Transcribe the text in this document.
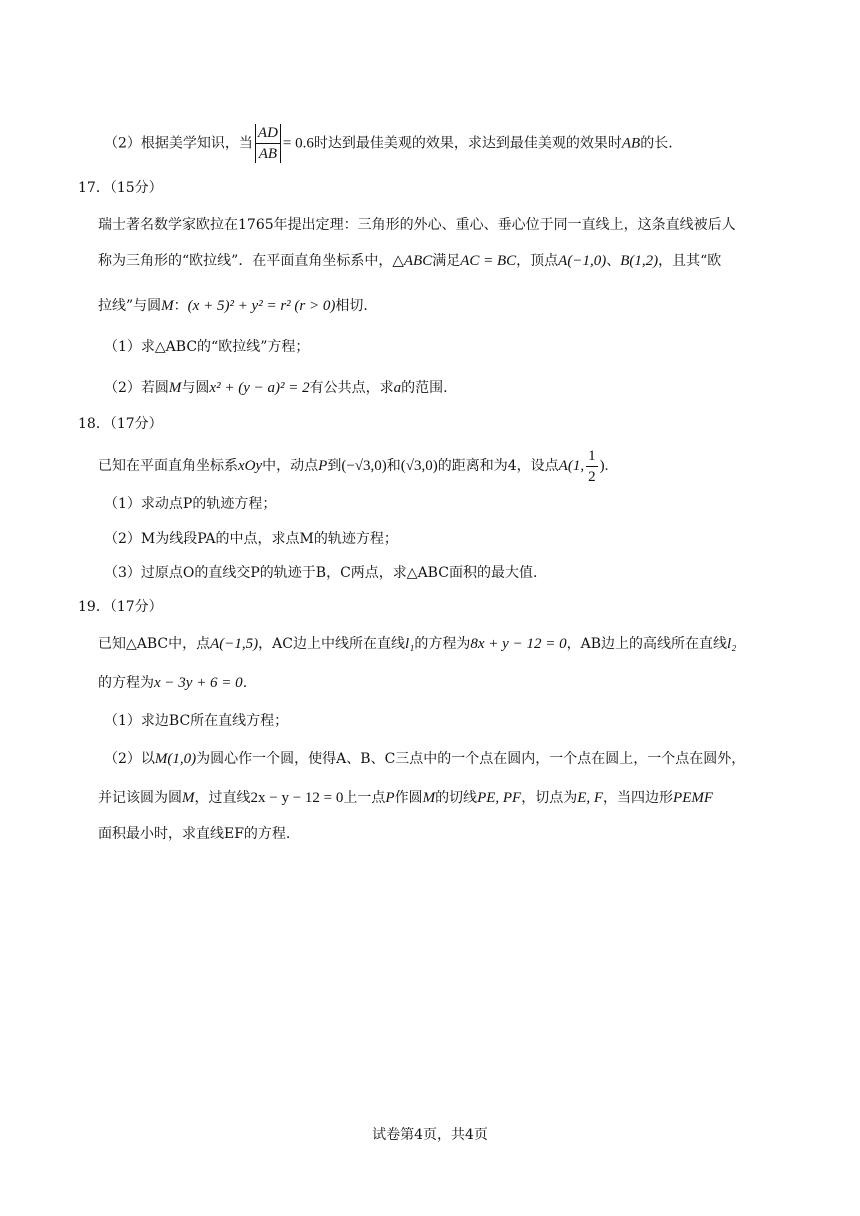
（2）根据美学知识，当 $\frac{AD}{AB} = 0.6$时达到最佳美观的效果，求达到最佳美观的效果时AB的长.
17．（15分）
瑞士著名数学家欧拉在1765年提出定理：三角形的外心、重心、垂心位于同一直线上，这条直线被后人
称为三角形的“欧拉线”．在平面直角坐标系中，△ABC满足AC = BC，顶点A(−1,0)、B(1,2)，且其“欧
拉线”与圆M：(x + 5)² + y² = r² (r > 0)相切.
（1）求△ABC的“欧拉线”方程；
（2）若圆M与圆x² + (y − a)² = 2有公共点，求a的范围.
18．（17分）
已知在平面直角坐标系xOy中，动点P到(−√3,0)和(√3,0)的距离和为4，设点A(1, $\frac{1}{2}$ ).
（1）求动点P的轨迹方程；
（2）M为线段PA的中点，求点M的轨迹方程；
（3）过原点O的直线交P的轨迹于B，C两点，求△ABC面积的最大值.
19．（17分）
已知△ABC中，点A(−1,5)，AC边上中线所在直线l₁的方程为8x + y − 12 = 0，AB边上的高线所在直线l₂
的方程为x − 3y + 6 = 0.
（1）求边BC所在直线方程；
（2）以M(1,0)为圆心作一个圆，使得A、B、C三点中的一个点在圆内，一个点在圆上，一个点在圆外，
并记该圆为圆M，过直线2x − y − 12 = 0上一点P作圆M的切线PE, PF，切点为E, F，当四边形PEMF
面积最小时，求直线EF的方程.
试卷第4页，共4页
